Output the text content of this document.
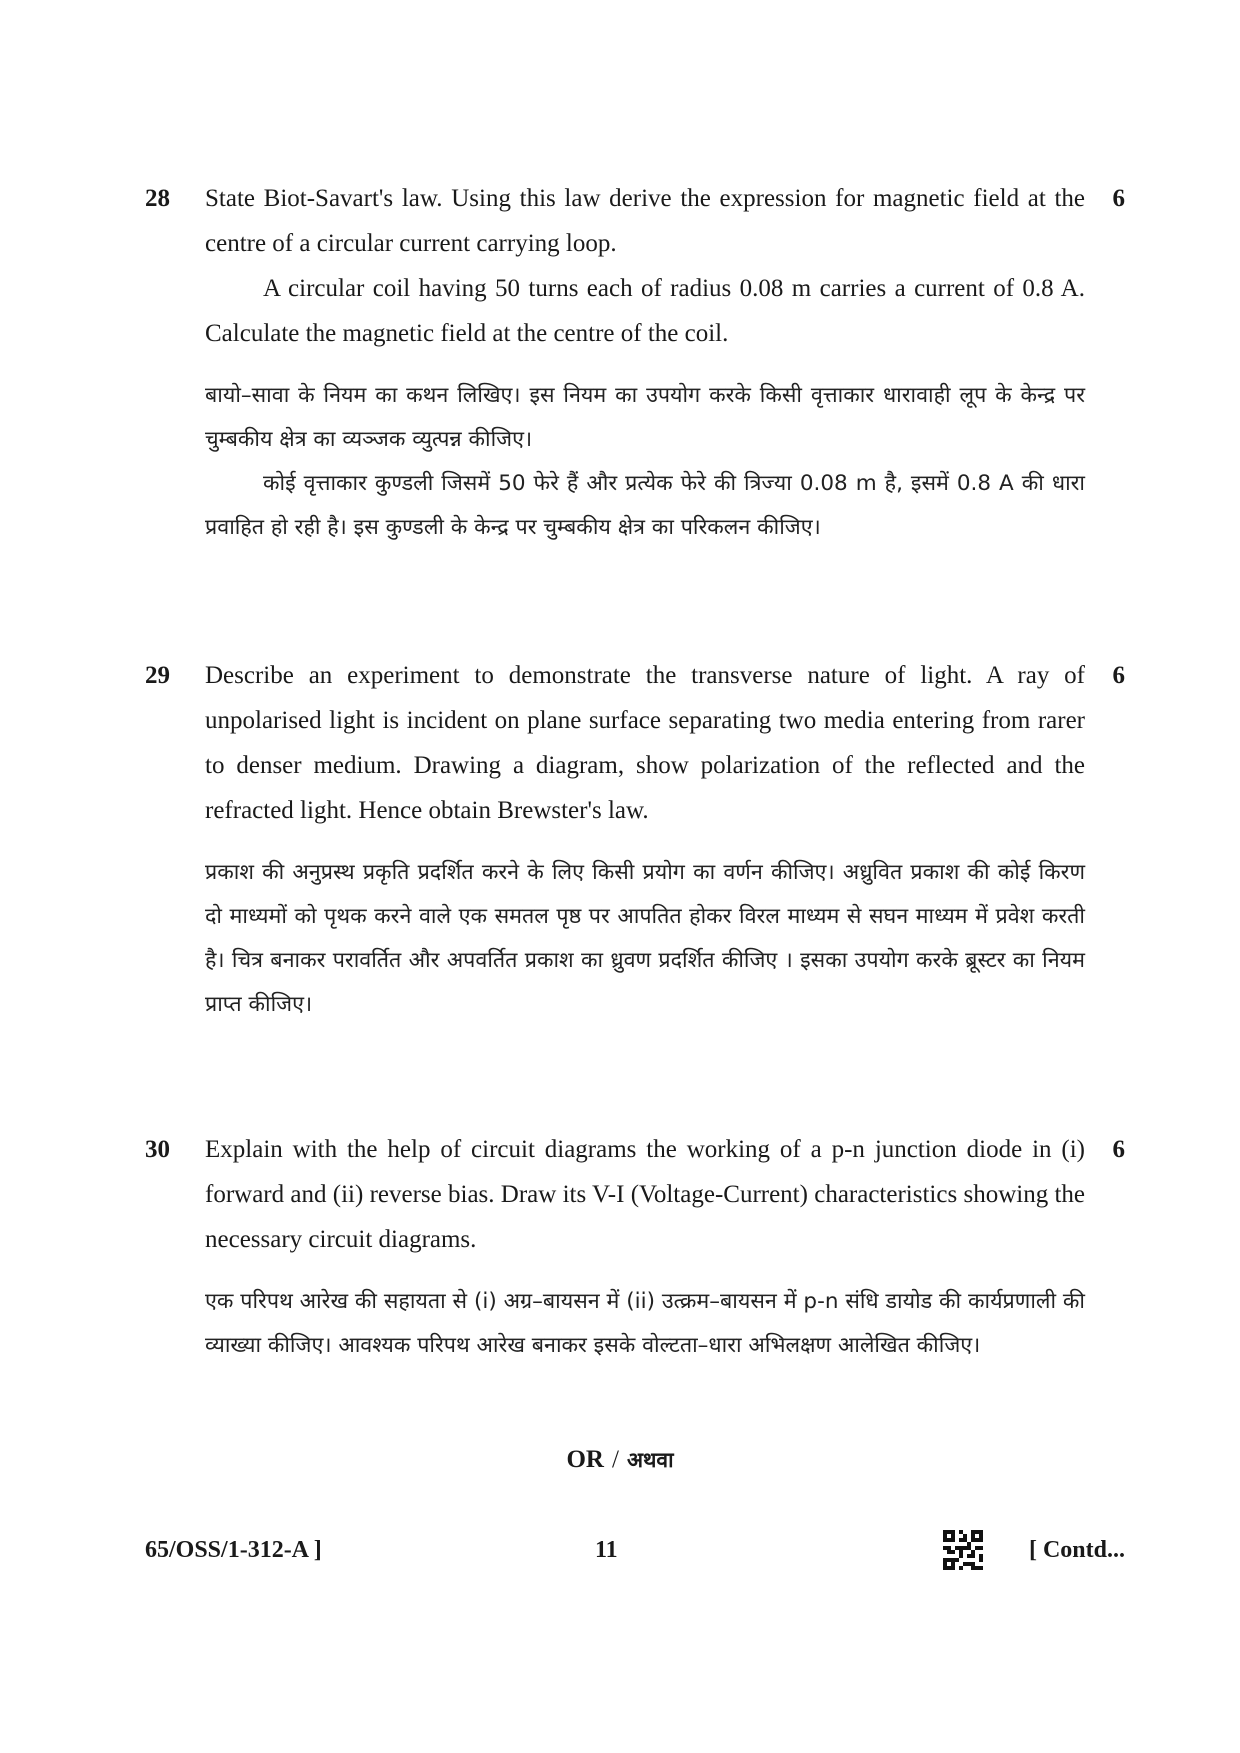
28	6

State Biot-Savart's law. Using this law derive the expression for magnetic field at the centre of a circular current carrying loop.

A circular coil having 50 turns each of radius 0.08 m carries a current of 0.8 A. Calculate the magnetic field at the centre of the coil.

बायो–सावा के नियम का कथन लिखिए। इस नियम का उपयोग करके किसी वृत्ताकार धारावाही लूप के केन्द्र पर चुम्बकीय क्षेत्र का व्यञ्जक व्युत्पन्न कीजिए।

कोई वृत्ताकार कुण्डली जिसमें 50 फेरे हैं और प्रत्येक फेरे की त्रिज्या 0.08 m है, इसमें 0.8 A की धारा प्रवाहित हो रही है। इस कुण्डली के केन्द्र पर चुम्बकीय क्षेत्र का परिकलन कीजिए।

29	6

Describe an experiment to demonstrate the transverse nature of light. A ray of unpolarised light is incident on plane surface separating two media entering from rarer to denser medium. Drawing a diagram, show polarization of the reflected and the refracted light. Hence obtain Brewster's law.

प्रकाश की अनुप्रस्थ प्रकृति प्रदर्शित करने के लिए किसी प्रयोग का वर्णन कीजिए। अध्रुवित प्रकाश की कोई किरण दो माध्यमों को पृथक करने वाले एक समतल पृष्ठ पर आपतित होकर विरल माध्यम से सघन माध्यम में प्रवेश करती है। चित्र बनाकर परावर्तित और अपवर्तित प्रकाश का ध्रुवण प्रदर्शित कीजिए । इसका उपयोग करके ब्रूस्टर का नियम प्राप्त कीजिए।

30	6

Explain with the help of circuit diagrams the working of a p-n junction diode in (i) forward and (ii) reverse bias. Draw its V-I (Voltage-Current) characteristics showing the necessary circuit diagrams.

एक परिपथ आरेख की सहायता से (i) अग्र–बायसन में (ii) उत्क्रम–बायसन में p-n संधि डायोड की कार्यप्रणाली की व्याख्या कीजिए। आवश्यक परिपथ आरेख बनाकर इसके वोल्टता–धारा अभिलक्षण आलेखित कीजिए।

OR / अथवा
65/OSS/1-312-A ]	11	[ Contd...
